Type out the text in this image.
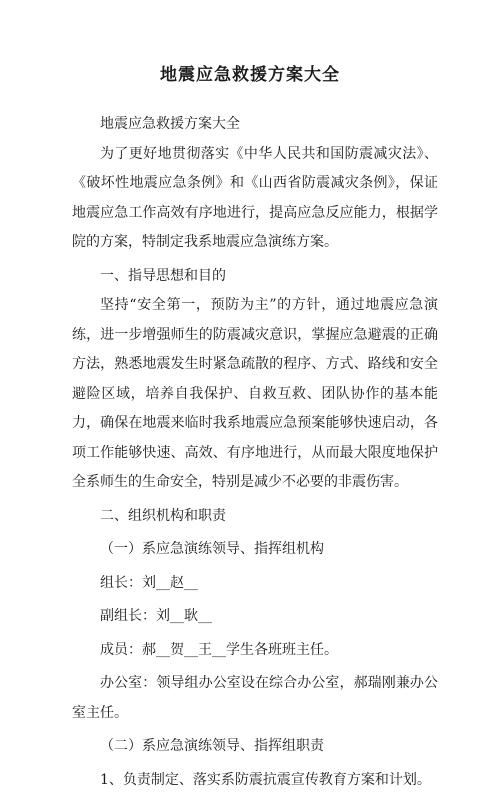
地震应急救援方案大全

地震应急救援方案大全

为了更好地贯彻落实《中华人民共和国防震减灾法》、《破坏性地震应急条例》和《山西省防震减灾条例》，保证地震应急工作高效有序地进行，提高应急反应能力，根据学院的方案，特制定我系地震应急演练方案。

一、指导思想和目的

坚持“安全第一，预防为主”的方针，通过地震应急演练，进一步增强师生的防震减灾意识，掌握应急避震的正确方法，熟悉地震发生时紧急疏散的程序、方式、路线和安全避险区域，培养自我保护、自救互救、团队协作的基本能力，确保在地震来临时我系地震应急预案能够快速启动，各项工作能够快速、高效、有序地进行，从而最大限度地保护全系师生的生命安全，特别是减少不必要的非震伤害。

二、组织机构和职责

（一）系应急演练领导、指挥组机构

组长：刘__赵__

副组长：刘__耿__

成员：郝__贺__王__学生各班班主任。

办公室：领导组办公室设在综合办公室，郝瑞刚兼办公室主任。

（二）系应急演练领导、指挥组职责

1、负责制定、落实系防震抗震宣传教育方案和计划。
